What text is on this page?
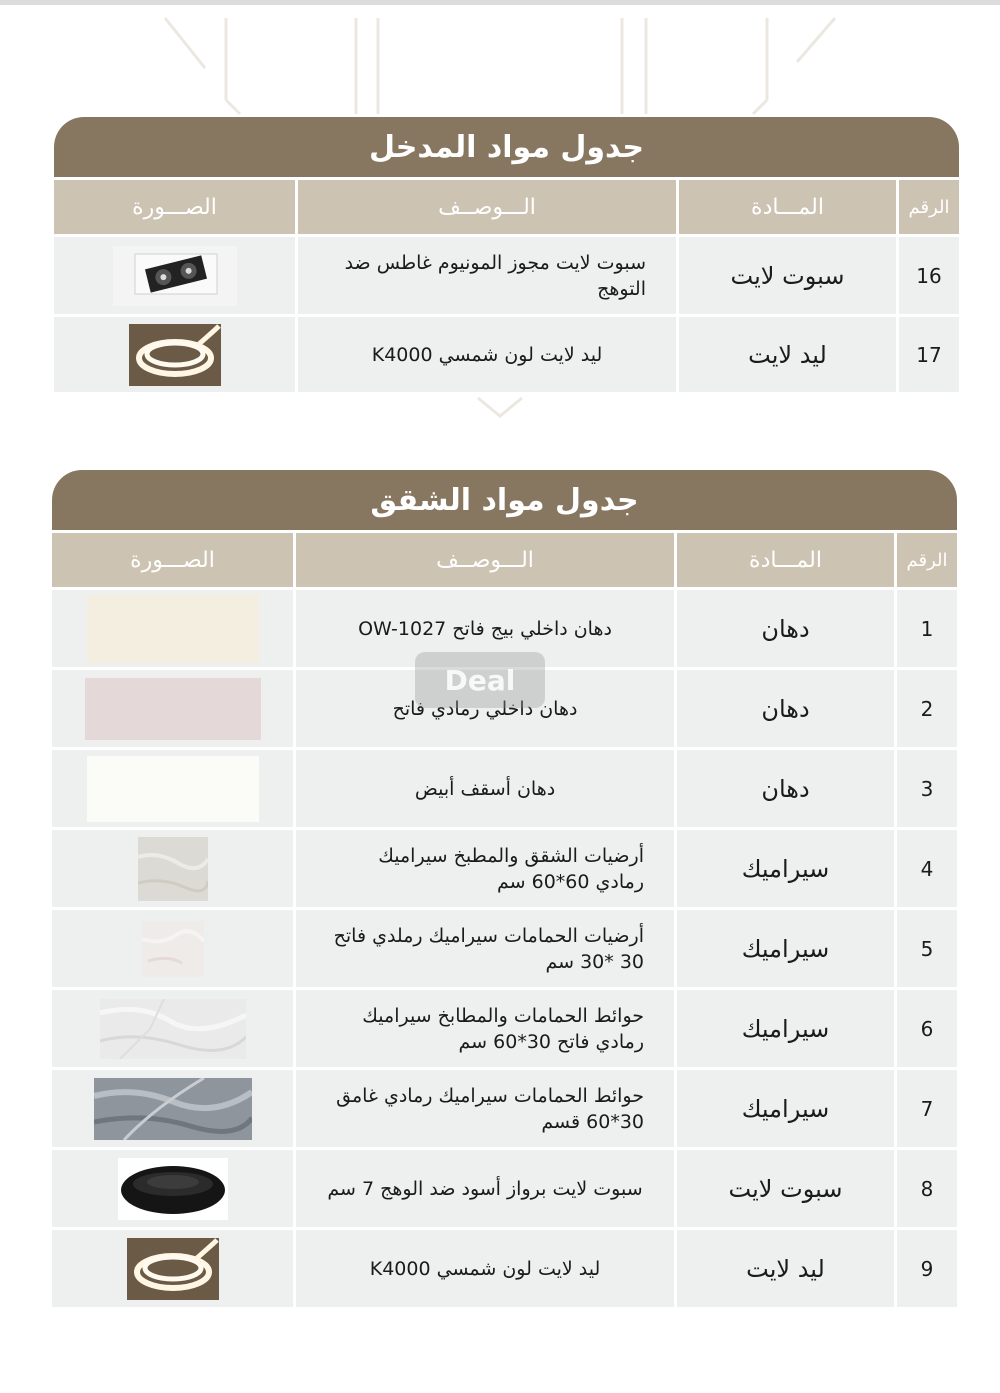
جدول مواد المدخل
الصـــورة	الـــوصــف	المـــادة	الرقم
سبوت لايت مجوز المونيوم غاطس ضد التوهج	سبوت لايت	16
ليد لايت لون شمسي K4000	ليد لايت	17
جدول مواد الشقق
الصـــورة	الـــوصــف	المـــادة	الرقم
دهان داخلي بيج فاتح OW-1027	دهان	1
دهان داخلي رمادي فاتح	دهان	2
دهان أسقف أبيض	دهان	3
أرضيات الشقق والمطبخ سيراميك رمادي 60*60 سم	سيراميك	4
أرضيات الحمامات سيراميك رملدي فاتح 30 *30 سم	سيراميك	5
حوائط الحمامات والمطابخ سيراميك رمادي فاتح 30*60 سم	سيراميك	6
حوائط الحمامات سيراميك رمادي غامق 30*60 قسم	سيراميك	7
سبوت لايت برواز أسود ضد الوهج 7 سم	سبوت لايت	8
ليد لايت لون شمسي K4000	ليد لايت	9
Deal
